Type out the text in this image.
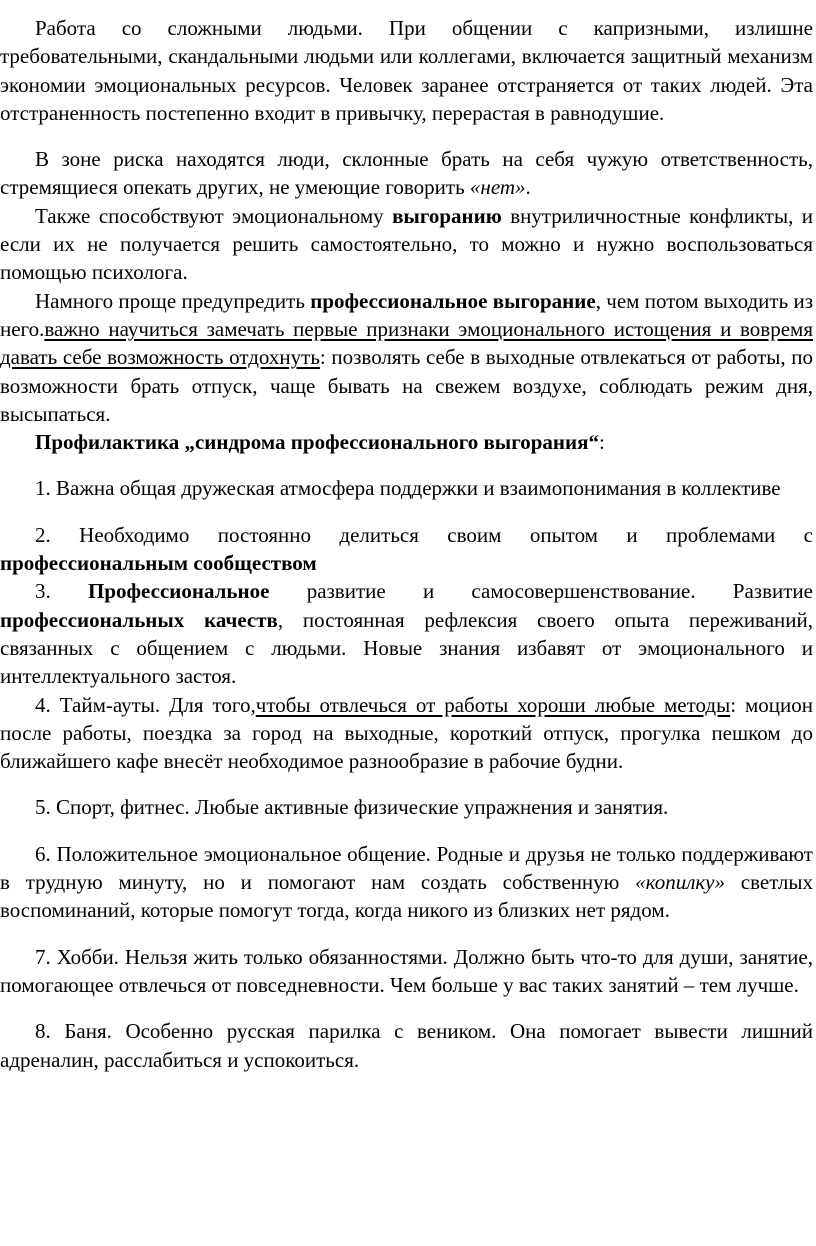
Работа со сложными людьми. При общении с капризными, излишне требовательными, скандальными людьми или коллегами, включается защитный механизм экономии эмоциональных ресурсов. Человек заранее отстраняется от таких людей. Эта отстраненность постепенно входит в привычку, перерастая в равнодушие.

В зоне риска находятся люди, склонные брать на себя чужую ответственность, стремящиеся опекать других, не умеющие говорить «нет».

Также способствуют эмоциональному выгоранию внутриличностные конфликты, и если их не получается решить самостоятельно, то можно и нужно воспользоваться помощью психолога.

Намного проще предупредить профессиональное выгорание, чем потом выходить из него.важно научиться замечать первые признаки эмоционального истощения и вовремя давать себе возможность отдохнуть: позволять себе в выходные отвлекаться от работы, по возможности брать отпуск, чаще бывать на свежем воздухе, соблюдать режим дня, высыпаться.

Профилактика „синдрома профессионального выгорания“:

1. Важна общая дружеская атмосфера поддержки и взаимопонимания в коллективе

2. Необходимо постоянно делиться своим опытом и проблемами с профессиональным сообществом

3. Профессиональное развитие и самосовершенствование. Развитие профессиональных качеств, постоянная рефлексия своего опыта переживаний, связанных с общением с людьми. Новые знания избавят от эмоционального и интеллектуального застоя.

4. Тайм-ауты. Для того,чтобы отвлечься от работы хороши любые методы: моцион после работы, поездка за город на выходные, короткий отпуск, прогулка пешком до ближайшего кафе внесёт необходимое разнообразие в рабочие будни.

5. Спорт, фитнес. Любые активные физические упражнения и занятия.

6. Положительное эмоциональное общение. Родные и друзья не только поддерживают в трудную минуту, но и помогают нам создать собственную «копилку» светлых воспоминаний, которые помогут тогда, когда никого из близких нет рядом.

7. Хобби. Нельзя жить только обязанностями. Должно быть что-то для души, занятие, помогающее отвлечься от повседневности. Чем больше у вас таких занятий – тем лучше.

8. Баня. Особенно русская парилка с веником. Она помогает вывести лишний адреналин, расслабиться и успокоиться.
